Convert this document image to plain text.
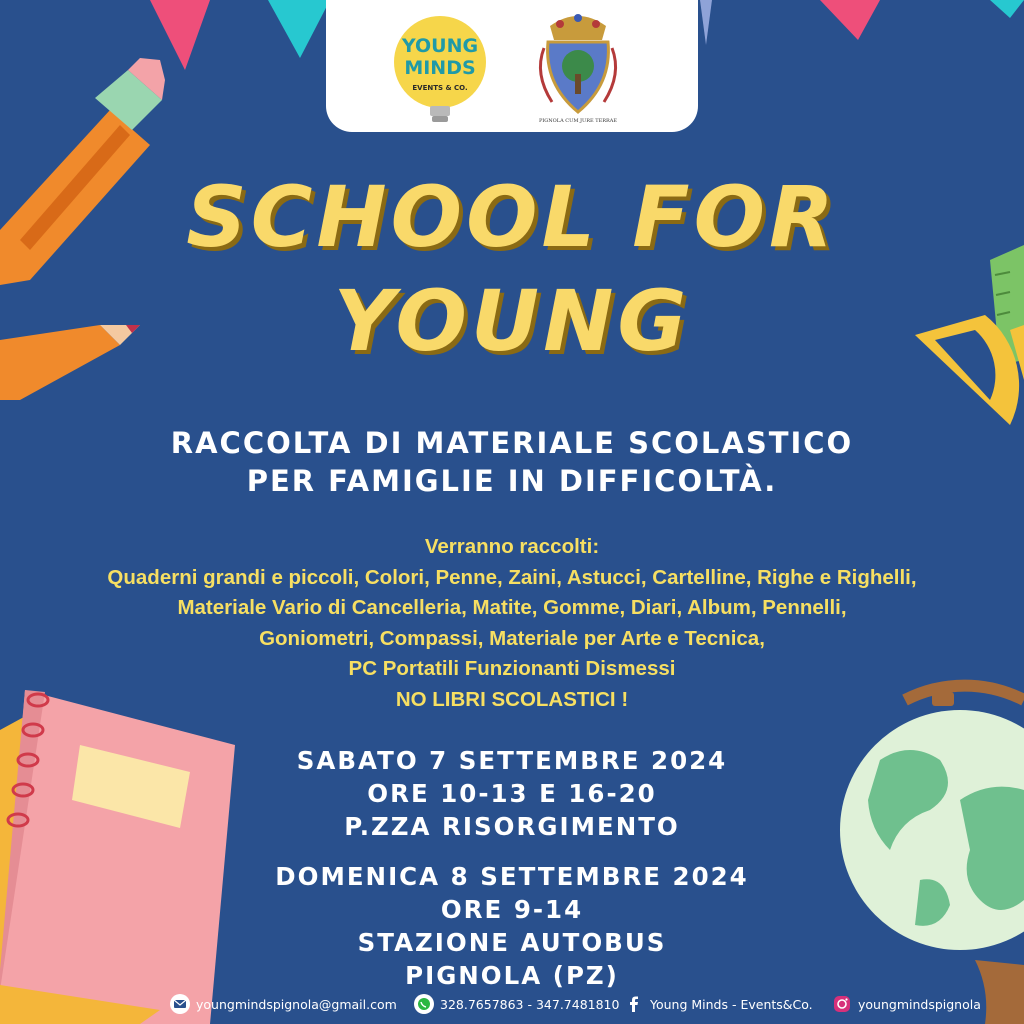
YOUNG
MINDS
EVENTS & CO.
PIGNOLA CUM JURE TERRAE
SCHOOL FOR
YOUNG
RACCOLTA DI MATERIALE SCOLASTICO
PER FAMIGLIE IN DIFFICOLTÀ.
Verranno raccolti:
Quaderni grandi e piccoli, Colori, Penne, Zaini, Astucci, Cartelline, Righe e Righelli,
Materiale Vario di Cancelleria, Matite, Gomme, Diari, Album, Pennelli,
Goniometri, Compassi, Materiale per Arte e Tecnica,
PC Portatili Funzionanti Dismessi
NO LIBRI SCOLASTICI !
SABATO 7 SETTEMBRE 2024
ORE 10-13 E 16-20
P.ZZA RISORGIMENTO
DOMENICA 8 SETTEMBRE 2024
ORE 9-14
STAZIONE AUTOBUS
PIGNOLA (PZ)
youngmindspignola@gmail.com	328.7657863 - 347.7481810 Young Minds - Events&Co.	youngmindspignola
